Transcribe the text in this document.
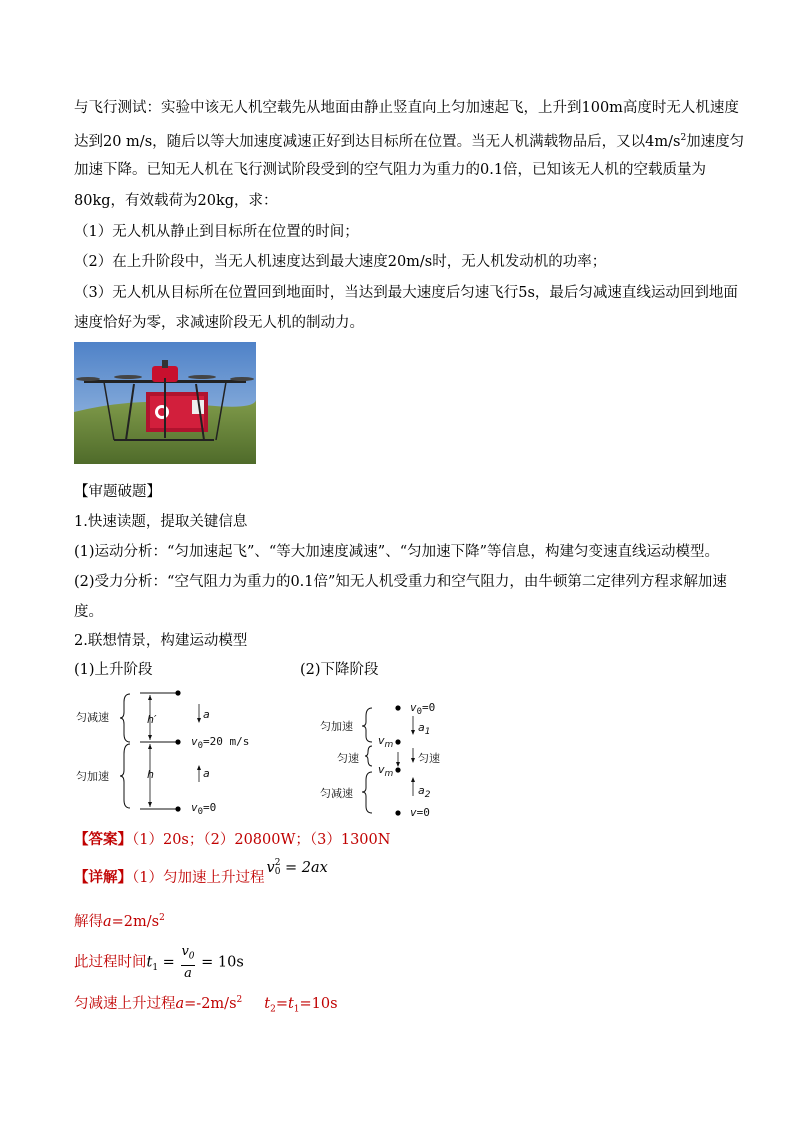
与飞行测试：实验中该无人机空载先从地面由静止竖直向上匀加速起飞，上升到100m高度时无人机速度
达到20 m/s，随后以等大加速度减速正好到达目标所在位置。当无人机满载物品后，又以$4m/s^2$加速度匀
加速下降。已知无人机在飞行测试阶段受到的空气阻力为重力的0.1倍，已知该无人机的空载质量为
80kg，有效载荷为20kg，求：
（1）无人机从静止到目标所在位置的时间；
（2）在上升阶段中，当无人机速度达到最大速度20m/s时，无人机发动机的功率；
（3）无人机从目标所在位置回到地面时，当达到最大速度后匀速飞行5s，最后匀减速直线运动回到地面
速度恰好为零，求减速阶段无人机的制动力。
【审题破题】
1.快速读题，提取关键信息
(1)运动分析：“匀加速起飞”、“等大加速度减速”、“匀加速下降”等信息，构建匀变速直线运动模型。
(2)受力分析：“空气阻力为重力的0.1倍”知无人机受重力和空气阻力，由牛顿第二定律列方程求解加速
度。
2.联想情景，构建运动模型
(1)上升阶段	(2)下降阶段
匀减速
匀加速
h′
h
a
a
$v_0=20$ m/s
$v_0=0$
$v_0=0$
匀加速	$a_1$
$v_m$
匀速	匀速
$v_m$
匀减速	$a_2$
v=0
【答案】（1）20s；（2）20800W；（3）1300N
【详解】（1）匀加速上升过程v 2
0 = 2ax
解得$a=2m/s^2$
此过程时间$t_1 = \frac{v_0}{a} = 10s$
匀减速上升过程$a=-2m/s^2$ $t_2=t_1=10s$
